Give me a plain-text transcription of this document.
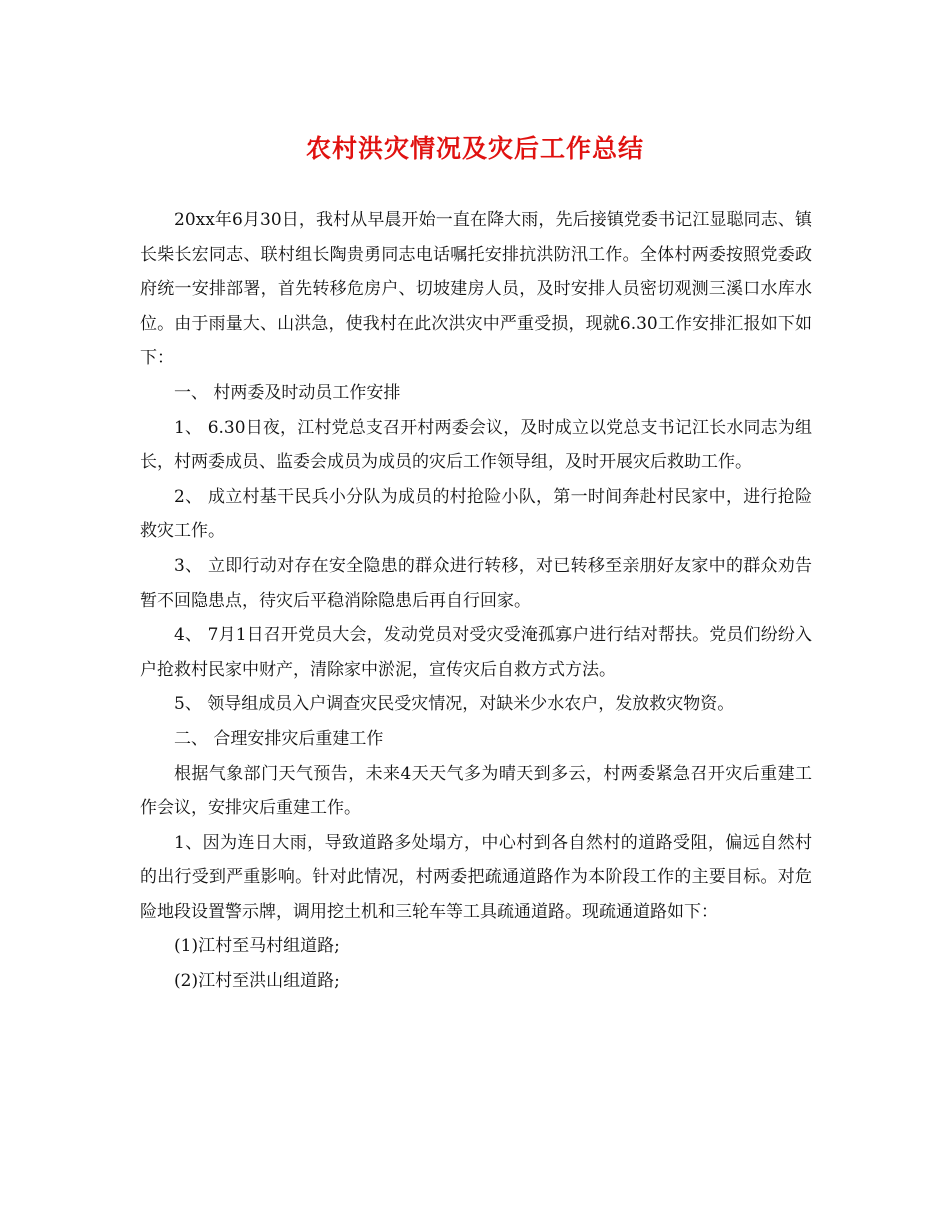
农村洪灾情况及灾后工作总结

20xx年6月30日，我村从早晨开始一直在降大雨，先后接镇党委书记江显聪同志、镇长柴长宏同志、联村组长陶贵勇同志电话嘱托安排抗洪防汛工作。全体村两委按照党委政府统一安排部署，首先转移危房户、切坡建房人员，及时安排人员密切观测三溪口水库水位。由于雨量大、山洪急，使我村在此次洪灾中严重受损，现就6.30工作安排汇报如下如下：

一、 村两委及时动员工作安排

1、 6.30日夜，江村党总支召开村两委会议，及时成立以党总支书记江长水同志为组长，村两委成员、监委会成员为成员的灾后工作领导组，及时开展灾后救助工作。

2、 成立村基干民兵小分队为成员的村抢险小队，第一时间奔赴村民家中，进行抢险救灾工作。

3、 立即行动对存在安全隐患的群众进行转移，对已转移至亲朋好友家中的群众劝告暂不回隐患点，待灾后平稳消除隐患后再自行回家。

4、 7月1日召开党员大会，发动党员对受灾受淹孤寡户进行结对帮扶。党员们纷纷入户抢救村民家中财产，清除家中淤泥，宣传灾后自救方式方法。

5、 领导组成员入户调查灾民受灾情况，对缺米少水农户，发放救灾物资。

二、 合理安排灾后重建工作

根据气象部门天气预告，未来4天天气多为晴天到多云，村两委紧急召开灾后重建工作会议，安排灾后重建工作。

1、因为连日大雨，导致道路多处塌方，中心村到各自然村的道路受阻，偏远自然村的出行受到严重影响。针对此情况，村两委把疏通道路作为本阶段工作的主要目标。对危险地段设置警示牌，调用挖土机和三轮车等工具疏通道路。现疏通道路如下：

(1)江村至马村组道路;

(2)江村至洪山组道路;
